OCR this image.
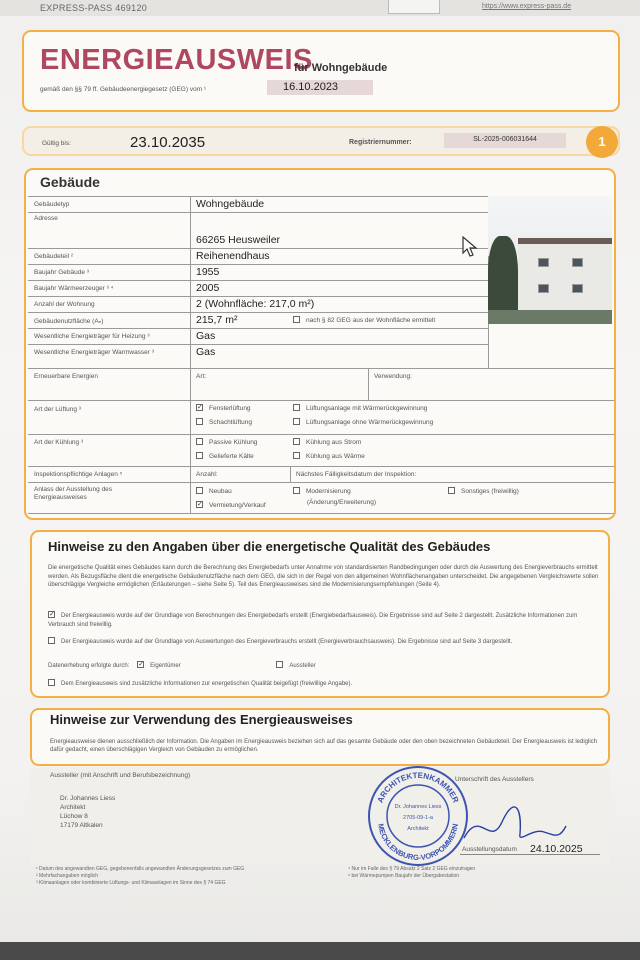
EXPRESS-PASS 469120	https://www.express-pass.de
ENERGIEAUSWEIS
für Wohngebäude
gemäß den §§ 79 ff. Gebäudeenergiegesetz (GEG) vom ¹	16.10.2023
Gültig bis:	23.10.2035	Registriernummer:	SL-2025-006031644	1
Gebäude
Gebäudetyp	Wohngebäude
Adresse
66265 Heusweiler
Gebäudeteil ²	Reihenendhaus
Baujahr Gebäude ³	1955
Baujahr Wärmeerzeuger ³ ⁴	2005
Anzahl der Wohnung	2 (Wohnfläche: 217,0 m²)
Gebäudenutzfläche (Aₙ)	215,7 m²	nach § 82 GEG aus der Wohnfläche ermittelt
Wesentliche Energieträger für Heizung ³	Gas
Wesentliche Energieträger Warmwasser ³	Gas
Erneuerbare Energien	Art:	Verwendung:
Art der Lüftung ³	✓ Fensterlüftung
Schachtlüftung
Lüftungsanlage mit Wärmerückgewinnung
Lüftungsanlage ohne Wärmerückgewinnung
Art der Kühlung ³	Passive Kühlung
Gelieferte Kälte
Kühlung aus Strom
Kühlung aus Wärme
Inspektionspflichtige Anlagen ⁵	Anzahl:	Nächstes Fälligkeitsdatum der Inspektion:
Anlass der Ausstellung des Energieausweises
Neubau
✓ Vermietung/Verkauf
Modernisierung
(Änderung/Erweiterung)
Sonstiges (freiwillig)
Hinweise zu den Angaben über die energetische Qualität des Gebäudes
Die energetische Qualität eines Gebäudes kann durch die Berechnung des Energiebedarfs unter Annahme von standardisierten Randbedingungen oder durch die Auswertung des Energieverbrauchs ermittelt werden. Als Bezugsfläche dient die energetische Gebäudenutzfläche nach dem GEG, die sich in der Regel von den allgemeinen Wohnflächenangaben unterscheidet. Die angegebenen Vergleichswerte sollen überschlägige Vergleiche ermöglichen (Erläuterungen – siehe Seite 5). Teil des Energieausweises sind die Modernisierungsempfehlungen (Seite 4).
✓ Der Energieausweis wurde auf der Grundlage von Berechnungen des Energiebedarfs erstellt (Energiebedarfsausweis). Die Ergebnisse sind auf Seite 2 dargestellt. Zusätzliche Informationen zum Verbrauch sind freiwillig.
Der Energieausweis wurde auf der Grundlage von Auswertungen des Energieverbrauchs erstellt (Energieverbrauchsausweis). Die Ergebnisse sind auf Seite 3 dargestellt.
Datenerhebung erfolgte durch: ✓ Eigentümer	Aussteller
Dem Energieausweis sind zusätzliche Informationen zur energetischen Qualität beigefügt (freiwillige Angabe).
Hinweise zur Verwendung des Energieausweises
Energieausweise dienen ausschließlich der Information. Die Angaben im Energieausweis beziehen sich auf das gesamte Gebäude oder den oben bezeichneten Gebäudeteil. Der Energieausweis ist lediglich dafür gedacht, einen überschlägigen Vergleich von Gebäuden zu ermöglichen.
Aussteller (mit Anschrift und Berufsbezeichnung)
Dr. Johannes Liess
Architekt
Lüchow 8
17179 Altkalen
ARCHITEKTENKAMMER
MECKLENBURG-VORPOMMERN
Dr. Johannes Liess
2705-09-1-a
Architekt
Unterschrift des Ausstellers
Ausstellungsdatum 24.10.2025
¹ Datum des angewandten GEG, gegebenenfalls angewandten Änderungsgesetzes zum GEG
² Mehrfachangaben möglich
³ Klimaanlagen oder kombinierte Lüftungs- und Klimaanlagen im Sinne des § 74 GEG
⁴ Nur im Falle des § 79 Absatz 2 Satz 2 GEG einzutragen
⁵ bei Wärmepumpen Baujahr der Übergabestation
